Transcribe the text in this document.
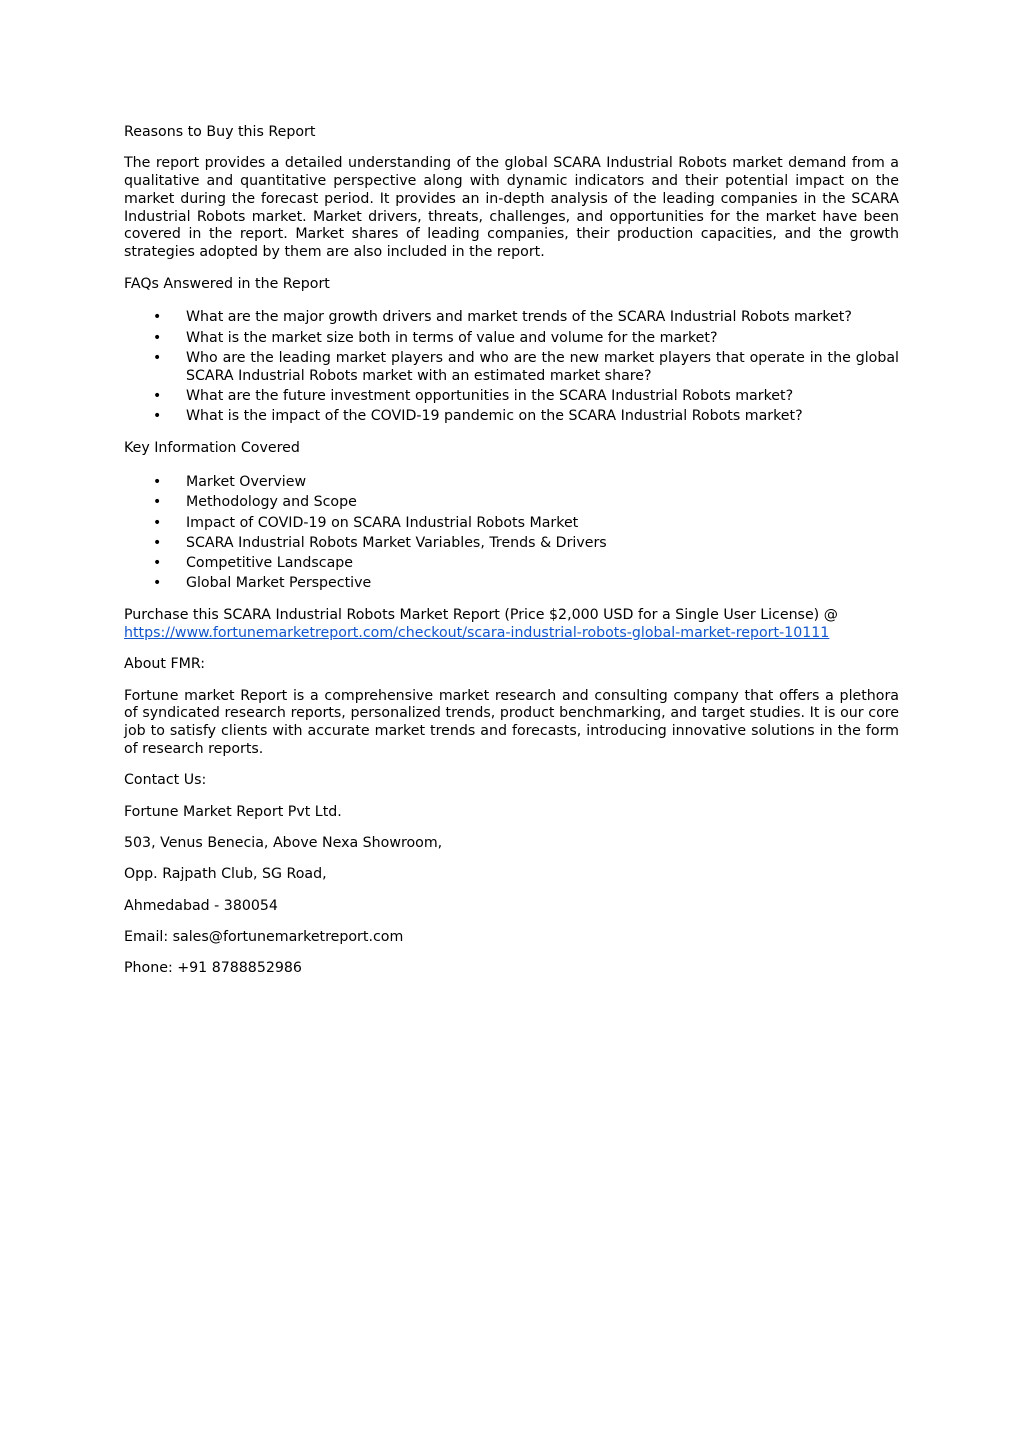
Reasons to Buy this Report

The report provides a detailed understanding of the global SCARA Industrial Robots market demand from a qualitative and quantitative perspective along with dynamic indicators and their potential impact on the market during the forecast period. It provides an in-depth analysis of the leading companies in the SCARA Industrial Robots market. Market drivers, threats, challenges, and opportunities for the market have been covered in the report. Market shares of leading companies, their production capacities, and the growth strategies adopted by them are also included in the report.

FAQs Answered in the Report

• What are the major growth drivers and market trends of the SCARA Industrial Robots market?
• What is the market size both in terms of value and volume for the market?
• Who are the leading market players and who are the new market players that operate in the global SCARA Industrial Robots market with an estimated market share?
• What are the future investment opportunities in the SCARA Industrial Robots market?
• What is the impact of the COVID-19 pandemic on the SCARA Industrial Robots market?

Key Information Covered

• Market Overview
• Methodology and Scope
• Impact of COVID-19 on SCARA Industrial Robots Market
• SCARA Industrial Robots Market Variables, Trends & Drivers
• Competitive Landscape
• Global Market Perspective

Purchase this SCARA Industrial Robots Market Report (Price $2,000 USD for a Single User License) @
https://www.fortunemarketreport.com/checkout/scara-industrial-robots-global-market-report-10111

About FMR:

Fortune market Report is a comprehensive market research and consulting company that offers a plethora of syndicated research reports, personalized trends, product benchmarking, and target studies. It is our core job to satisfy clients with accurate market trends and forecasts, introducing innovative solutions in the form of research reports.

Contact Us:

Fortune Market Report Pvt Ltd.

503, Venus Benecia, Above Nexa Showroom,

Opp. Rajpath Club, SG Road,

Ahmedabad - 380054

Email: sales@fortunemarketreport.com

Phone: +91 8788852986
